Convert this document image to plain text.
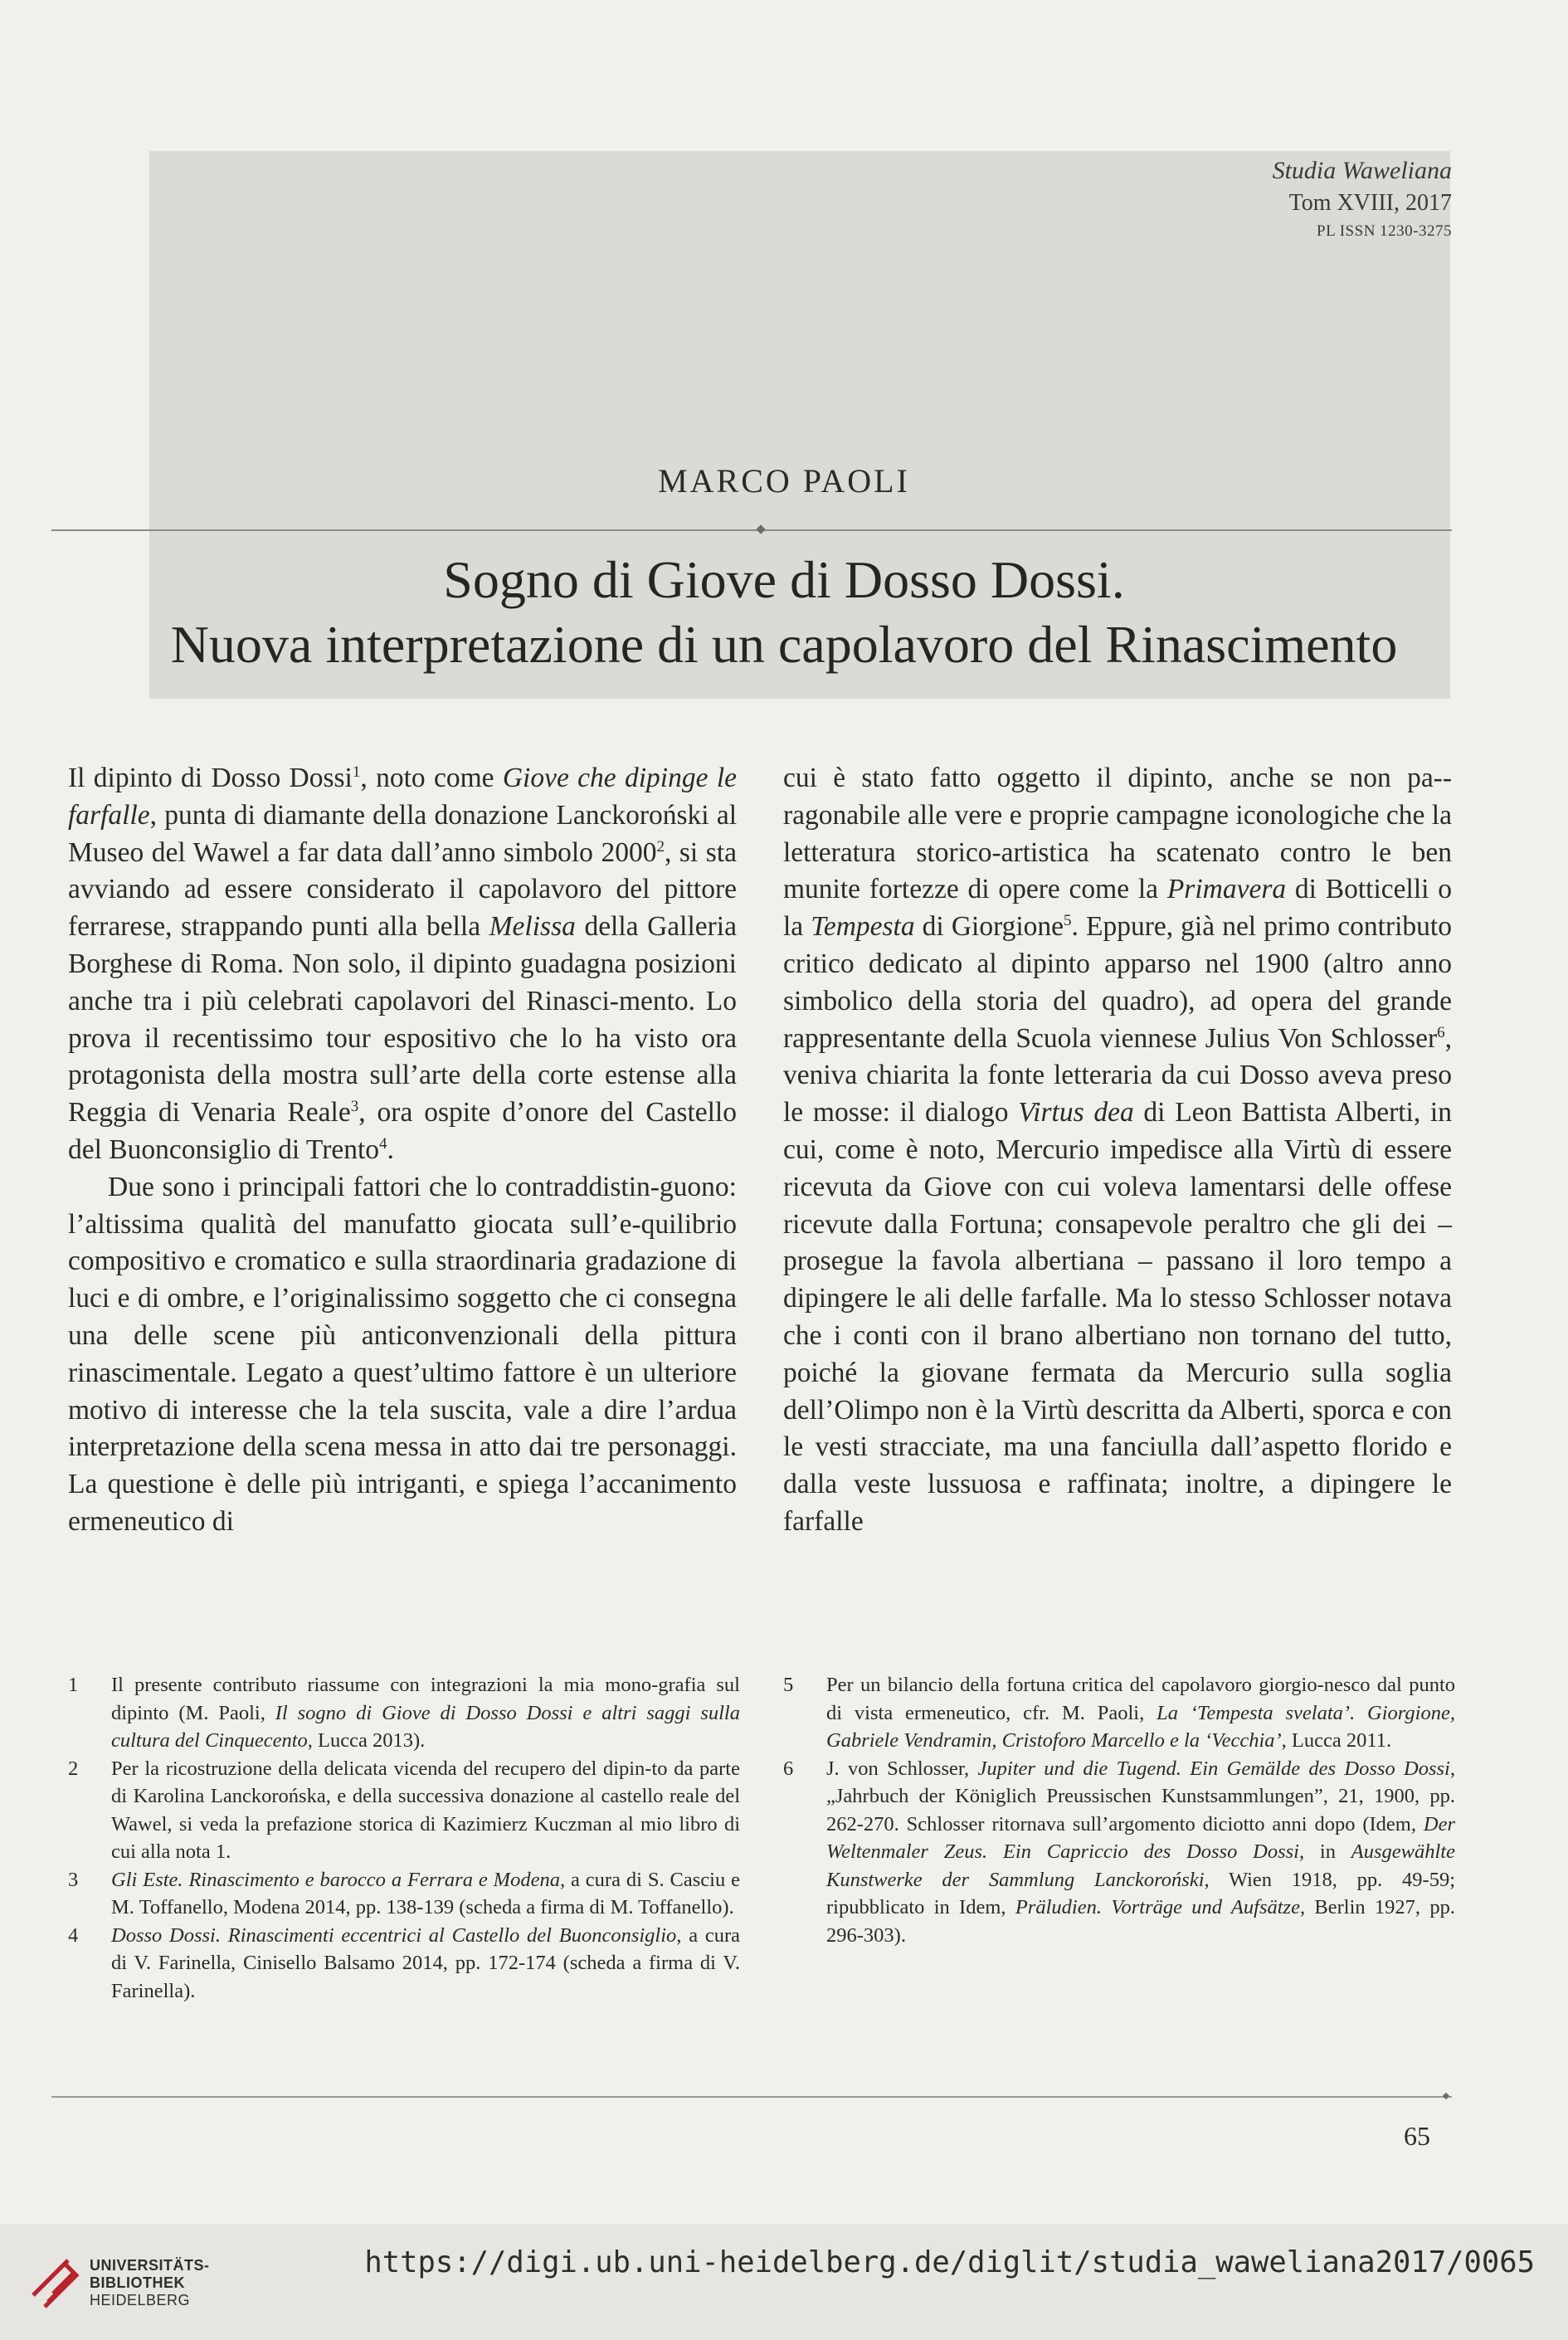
Studia Waweliana
Tom XVIII, 2017
PL ISSN 1230-3275
MARCO PAOLI
Sogno di Giove di Dosso Dossi.
Nuova interpretazione di un capolavoro del Rinascimento

Il dipinto di Dosso Dossi$^1$, noto come Giove che dipinge le farfalle, punta di diamante della donazione Lanckoroński al Museo del Wawel a far data dall’anno simbolo 2000$^2$, si sta avviando ad essere considerato il capolavoro del pittore ferrarese, strappando punti alla bella Melissa della Galleria Borghese di Roma. Non solo, il dipinto guadagna posizioni anche tra i più celebrati capolavori del Rinasci-mento. Lo prova il recentissimo tour espositivo che lo ha visto ora protagonista della mostra sull’arte della corte estense alla Reggia di Venaria Reale$^3$, ora ospite d’onore del Castello del Buonconsiglio di Trento$^4$.

Due sono i principali fattori che lo contraddistin-guono: l’altissima qualità del manufatto giocata sull’e-quilibrio compositivo e cromatico e sulla straordinaria gradazione di luci e di ombre, e l’originalissimo soggetto che ci consegna una delle scene più anticonvenzionali della pittura rinascimentale. Legato a quest’ultimo fattore è un ulteriore motivo di interesse che la tela suscita, vale a dire l’ardua interpretazione della scena messa in atto dai tre personaggi. La questione è delle più intriganti, e spiega l’accanimento ermeneutico di

cui è stato fatto oggetto il dipinto, anche se non pa-ragonabile alle vere e proprie campagne iconologiche che la letteratura storico-artistica ha scatenato contro le ben munite fortezze di opere come la Primavera di Botticelli o la Tempesta di Giorgione$^5$. Eppure, già nel primo contributo critico dedicato al dipinto apparso nel 1900 (altro anno simbolico della storia del quadro), ad opera del grande rappresentante della Scuola viennese Julius Von Schlosser$^6$, veniva chiarita la fonte letteraria da cui Dosso aveva preso le mosse: il dialogo Virtus dea di Leon Battista Alberti, in cui, come è noto, Mercurio impedisce alla Virtù di essere ricevuta da Giove con cui voleva lamentarsi delle offese ricevute dalla Fortuna; consapevole peraltro che gli dei – prosegue la favola albertiana – passano il loro tempo a dipingere le ali delle farfalle. Ma lo stesso Schlosser notava che i conti con il brano albertiano non tornano del tutto, poiché la giovane fermata da Mercurio sulla soglia dell’Olimpo non è la Virtù descritta da Alberti, sporca e con le vesti stracciate, ma una fanciulla dall’aspetto florido e dalla veste lussuosa e raffinata; inoltre, a dipingere le farfalle

1	Il presente contributo riassume con integrazioni la mia mono-grafia sul dipinto (M. Paoli, Il sogno di Giove di Dosso Dossi e altri saggi sulla cultura del Cinquecento, Lucca 2013).
2	Per la ricostruzione della delicata vicenda del recupero del dipin-to da parte di Karolina Lanckorońska, e della successiva donazione al castello reale del Wawel, si veda la prefazione storica di Kazimierz Kuczman al mio libro di cui alla nota 1.
3	Gli Este. Rinascimento e barocco a Ferrara e Modena, a cura di S. Casciu e M. Toffanello, Modena 2014, pp. 138-139 (scheda a firma di M. Toffanello).
4	Dosso Dossi. Rinascimenti eccentrici al Castello del Buonconsiglio, a cura di V. Farinella, Cinisello Balsamo 2014, pp. 172-174 (scheda a firma di V. Farinella).
5	Per un bilancio della fortuna critica del capolavoro giorgio-nesco dal punto di vista ermeneutico, cfr. M. Paoli, La ‘Tempesta svelata’. Giorgione, Gabriele Vendramin, Cristoforo Marcello e la ‘Vecchia’, Lucca 2011.
6	J. von Schlosser, Jupiter und die Tugend. Ein Gemälde des Dosso Dossi, „Jahrbuch der Königlich Preussischen Kunstsammlungen”, 21, 1900, pp. 262-270. Schlosser ritornava sull’argomento diciotto anni dopo (Idem, Der Weltenmaler Zeus. Ein Capriccio des Dosso Dossi, in Ausgewählte Kunstwerke der Sammlung Lanckoroński, Wien 1918, pp. 49-59; ripubblicato in Idem, Präludien. Vorträge und Aufsätze, Berlin 1927, pp. 296-303).
65
UNIVERSITÄTS-
BIBLIOTHEK
HEIDELBERG
https://digi.ub.uni-heidelberg.de/diglit/studia_waweliana2017/0065
